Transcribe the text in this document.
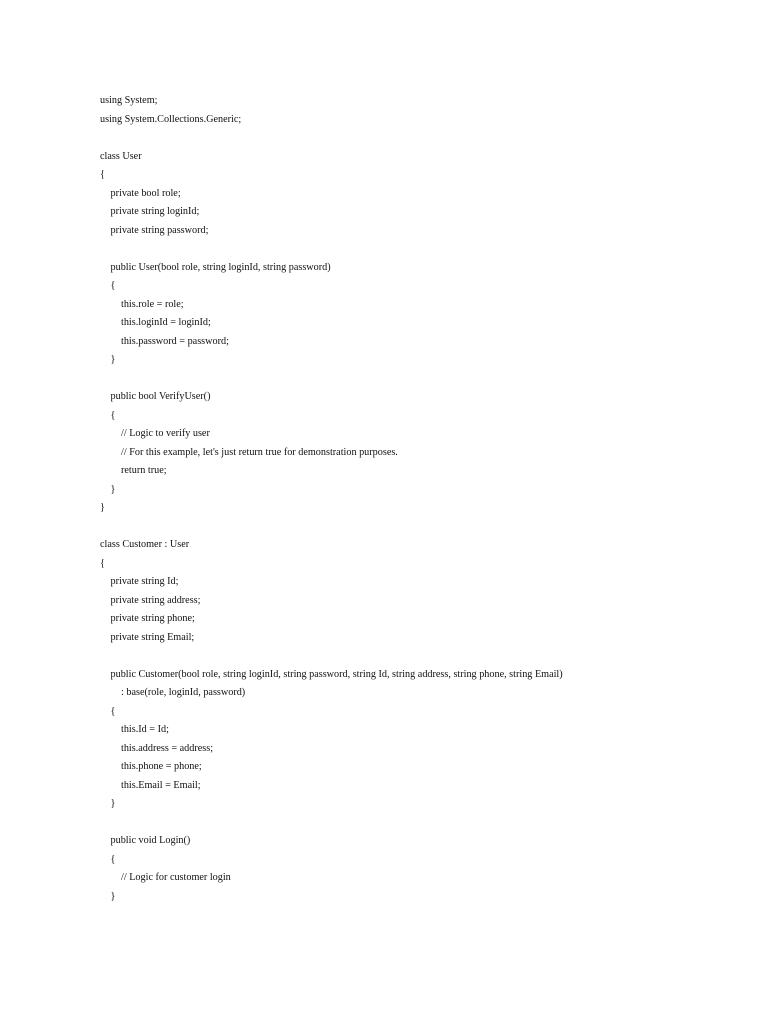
using System;
using System.Collections.Generic;
class User
{
private bool role;
private string loginId;
private string password;
public User(bool role, string loginId, string password)
{
this.role = role;
this.loginId = loginId;
this.password = password;
}
public bool VerifyUser()
{
// Logic to verify user
// For this example, let's just return true for demonstration purposes.
return true;
}
}
class Customer : User
{
private string Id;
private string address;
private string phone;
private string Email;
public Customer(bool role, string loginId, string password, string Id, string address, string phone, string Email)
: base(role, loginId, password)
{
this.Id = Id;
this.address = address;
this.phone = phone;
this.Email = Email;
}
public void Login()
{
// Logic for customer login
}
